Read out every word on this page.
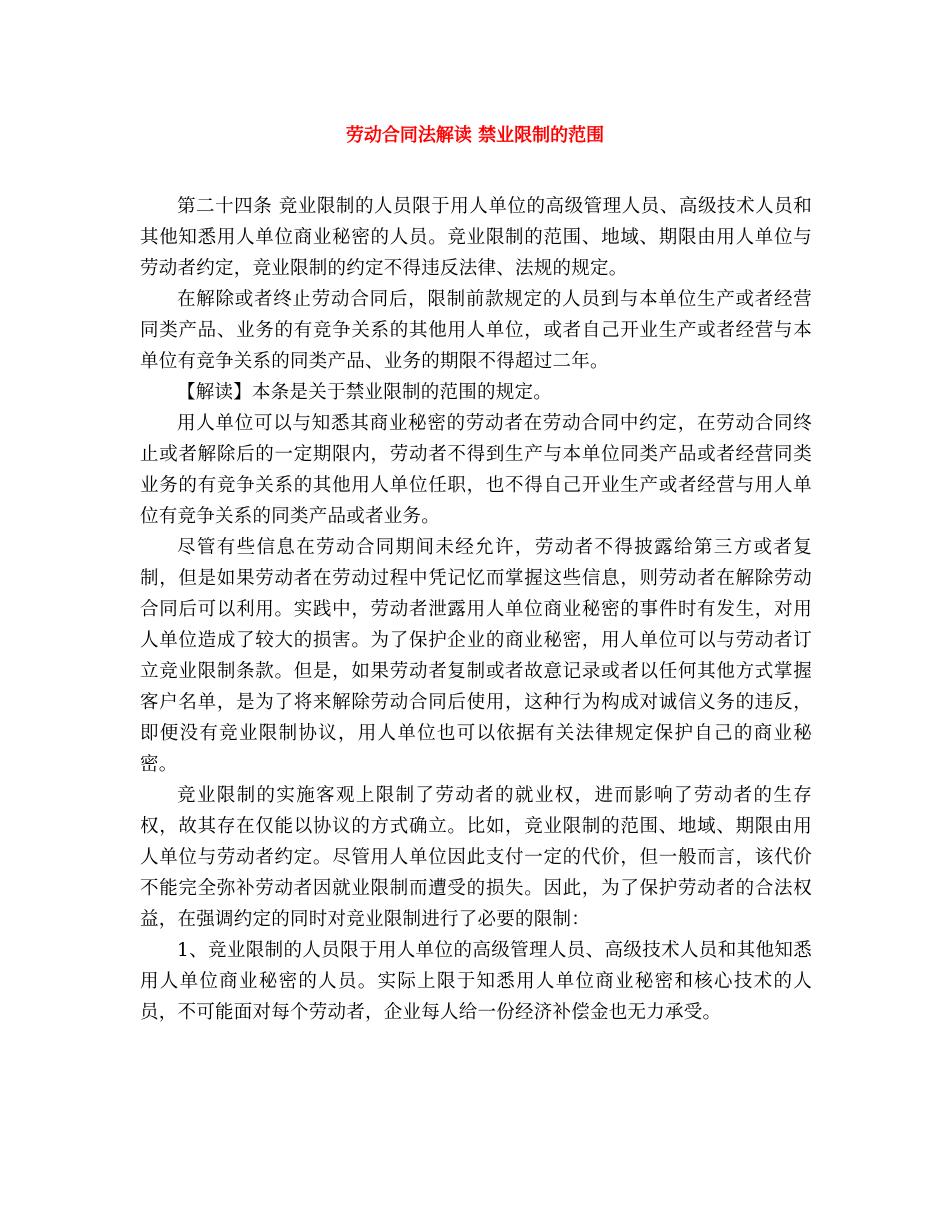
劳动合同法解读 禁业限制的范围

第二十四条 竞业限制的人员限于用人单位的高级管理人员、高级技术人员和其他知悉用人单位商业秘密的人员。竞业限制的范围、地域、期限由用人单位与劳动者约定，竞业限制的约定不得违反法律、法规的规定。

在解除或者终止劳动合同后，限制前款规定的人员到与本单位生产或者经营同类产品、业务的有竞争关系的其他用人单位，或者自己开业生产或者经营与本单位有竞争关系的同类产品、业务的期限不得超过二年。

【解读】本条是关于禁业限制的范围的规定。

用人单位可以与知悉其商业秘密的劳动者在劳动合同中约定，在劳动合同终止或者解除后的一定期限内，劳动者不得到生产与本单位同类产品或者经营同类业务的有竞争关系的其他用人单位任职，也不得自己开业生产或者经营与用人单位有竞争关系的同类产品或者业务。

尽管有些信息在劳动合同期间未经允许，劳动者不得披露给第三方或者复制，但是如果劳动者在劳动过程中凭记忆而掌握这些信息，则劳动者在解除劳动合同后可以利用。实践中，劳动者泄露用人单位商业秘密的事件时有发生，对用人单位造成了较大的损害。为了保护企业的商业秘密，用人单位可以与劳动者订立竞业限制条款。但是，如果劳动者复制或者故意记录或者以任何其他方式掌握客户名单，是为了将来解除劳动合同后使用，这种行为构成对诚信义务的违反，即便没有竞业限制协议，用人单位也可以依据有关法律规定保护自己的商业秘密。

竞业限制的实施客观上限制了劳动者的就业权，进而影响了劳动者的生存权，故其存在仅能以协议的方式确立。比如，竞业限制的范围、地域、期限由用人单位与劳动者约定。尽管用人单位因此支付一定的代价，但一般而言，该代价不能完全弥补劳动者因就业限制而遭受的损失。因此，为了保护劳动者的合法权益，在强调约定的同时对竞业限制进行了必要的限制：

1、竞业限制的人员限于用人单位的高级管理人员、高级技术人员和其他知悉用人单位商业秘密的人员。实际上限于知悉用人单位商业秘密和核心技术的人员，不可能面对每个劳动者，企业每人给一份经济补偿金也无力承受。
